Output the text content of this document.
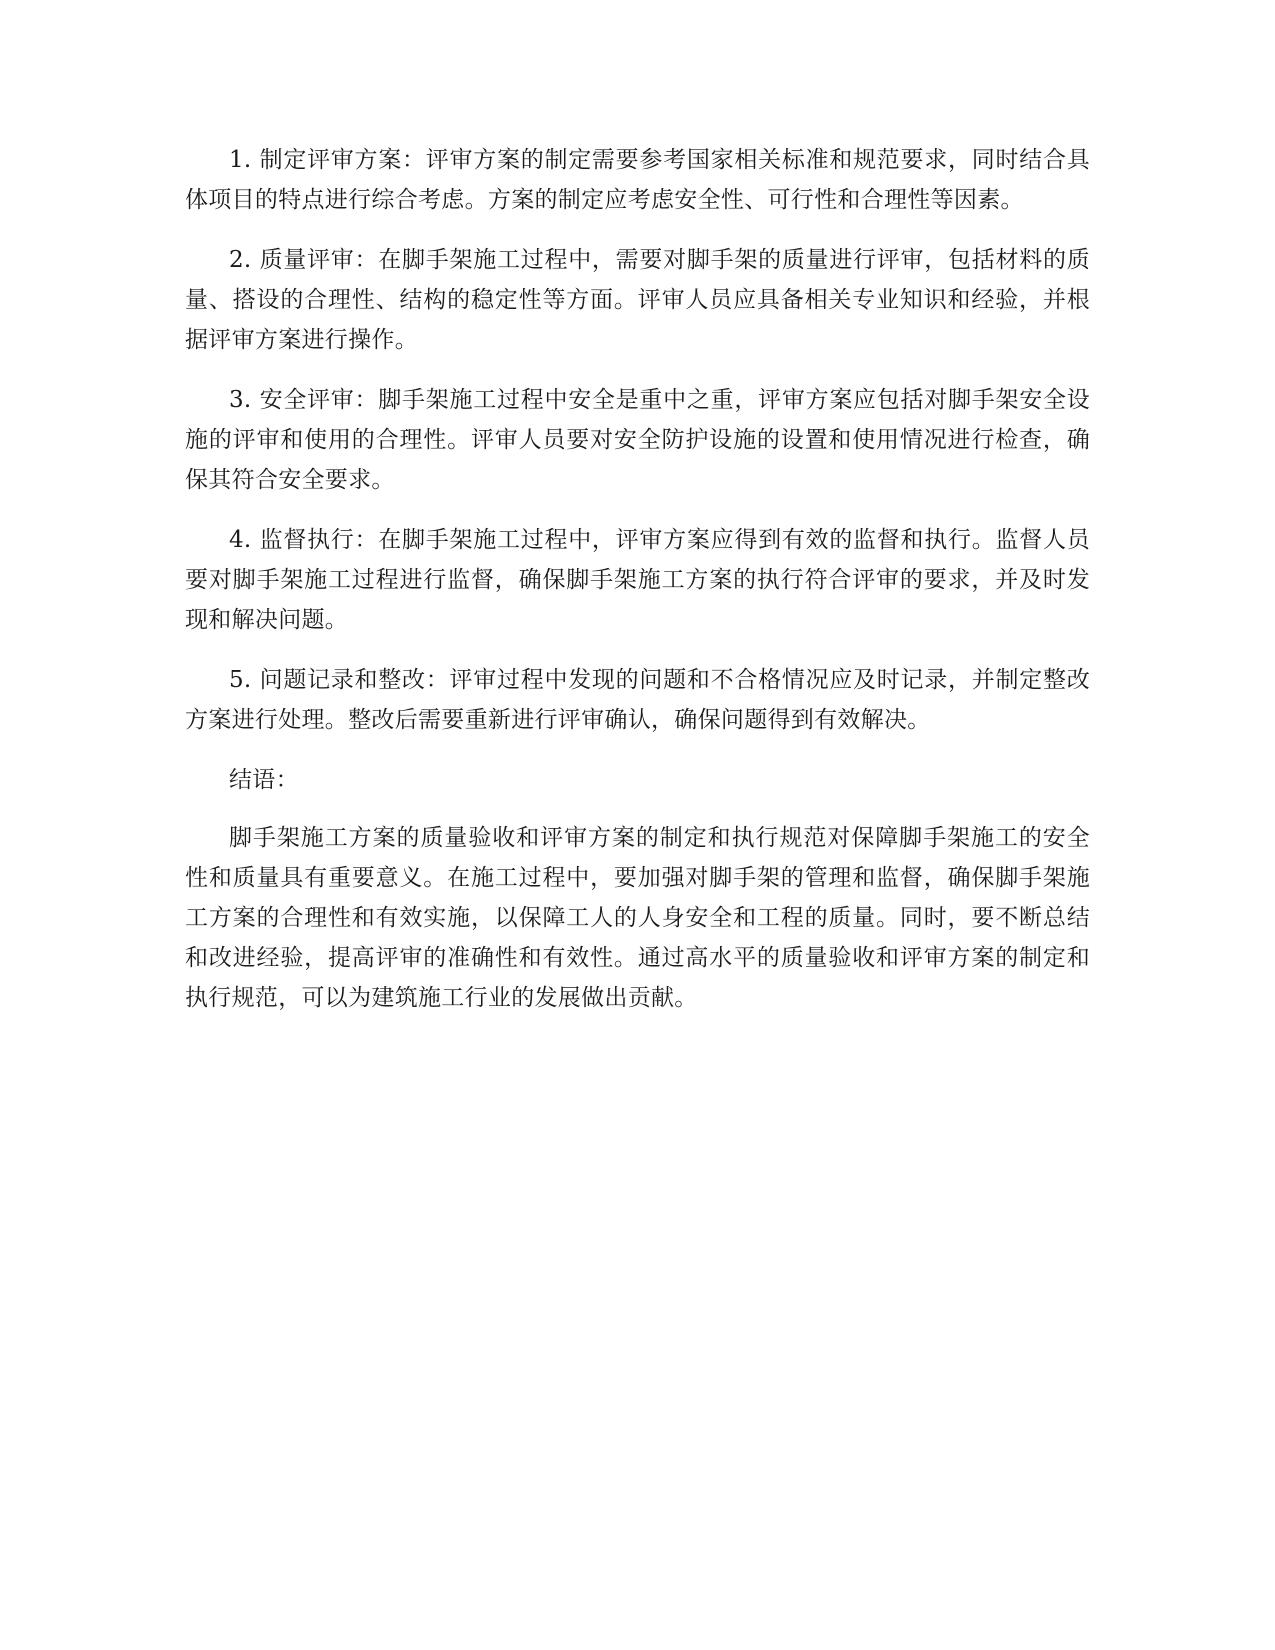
1. 制定评审方案：评审方案的制定需要参考国家相关标准和规范要求，同时结合具体项目的特点进行综合考虑。方案的制定应考虑安全性、可行性和合理性等因素。

2. 质量评审：在脚手架施工过程中，需要对脚手架的质量进行评审，包括材料的质量、搭设的合理性、结构的稳定性等方面。评审人员应具备相关专业知识和经验，并根据评审方案进行操作。

3. 安全评审：脚手架施工过程中安全是重中之重，评审方案应包括对脚手架安全设施的评审和使用的合理性。评审人员要对安全防护设施的设置和使用情况进行检查，确保其符合安全要求。

4. 监督执行：在脚手架施工过程中，评审方案应得到有效的监督和执行。监督人员要对脚手架施工过程进行监督，确保脚手架施工方案的执行符合评审的要求，并及时发现和解决问题。

5. 问题记录和整改：评审过程中发现的问题和不合格情况应及时记录，并制定整改方案进行处理。整改后需要重新进行评审确认，确保问题得到有效解决。

结语：

脚手架施工方案的质量验收和评审方案的制定和执行规范对保障脚手架施工的安全性和质量具有重要意义。在施工过程中，要加强对脚手架的管理和监督，确保脚手架施工方案的合理性和有效实施，以保障工人的人身安全和工程的质量。同时，要不断总结和改进经验，提高评审的准确性和有效性。通过高水平的质量验收和评审方案的制定和执行规范，可以为建筑施工行业的发展做出贡献。
